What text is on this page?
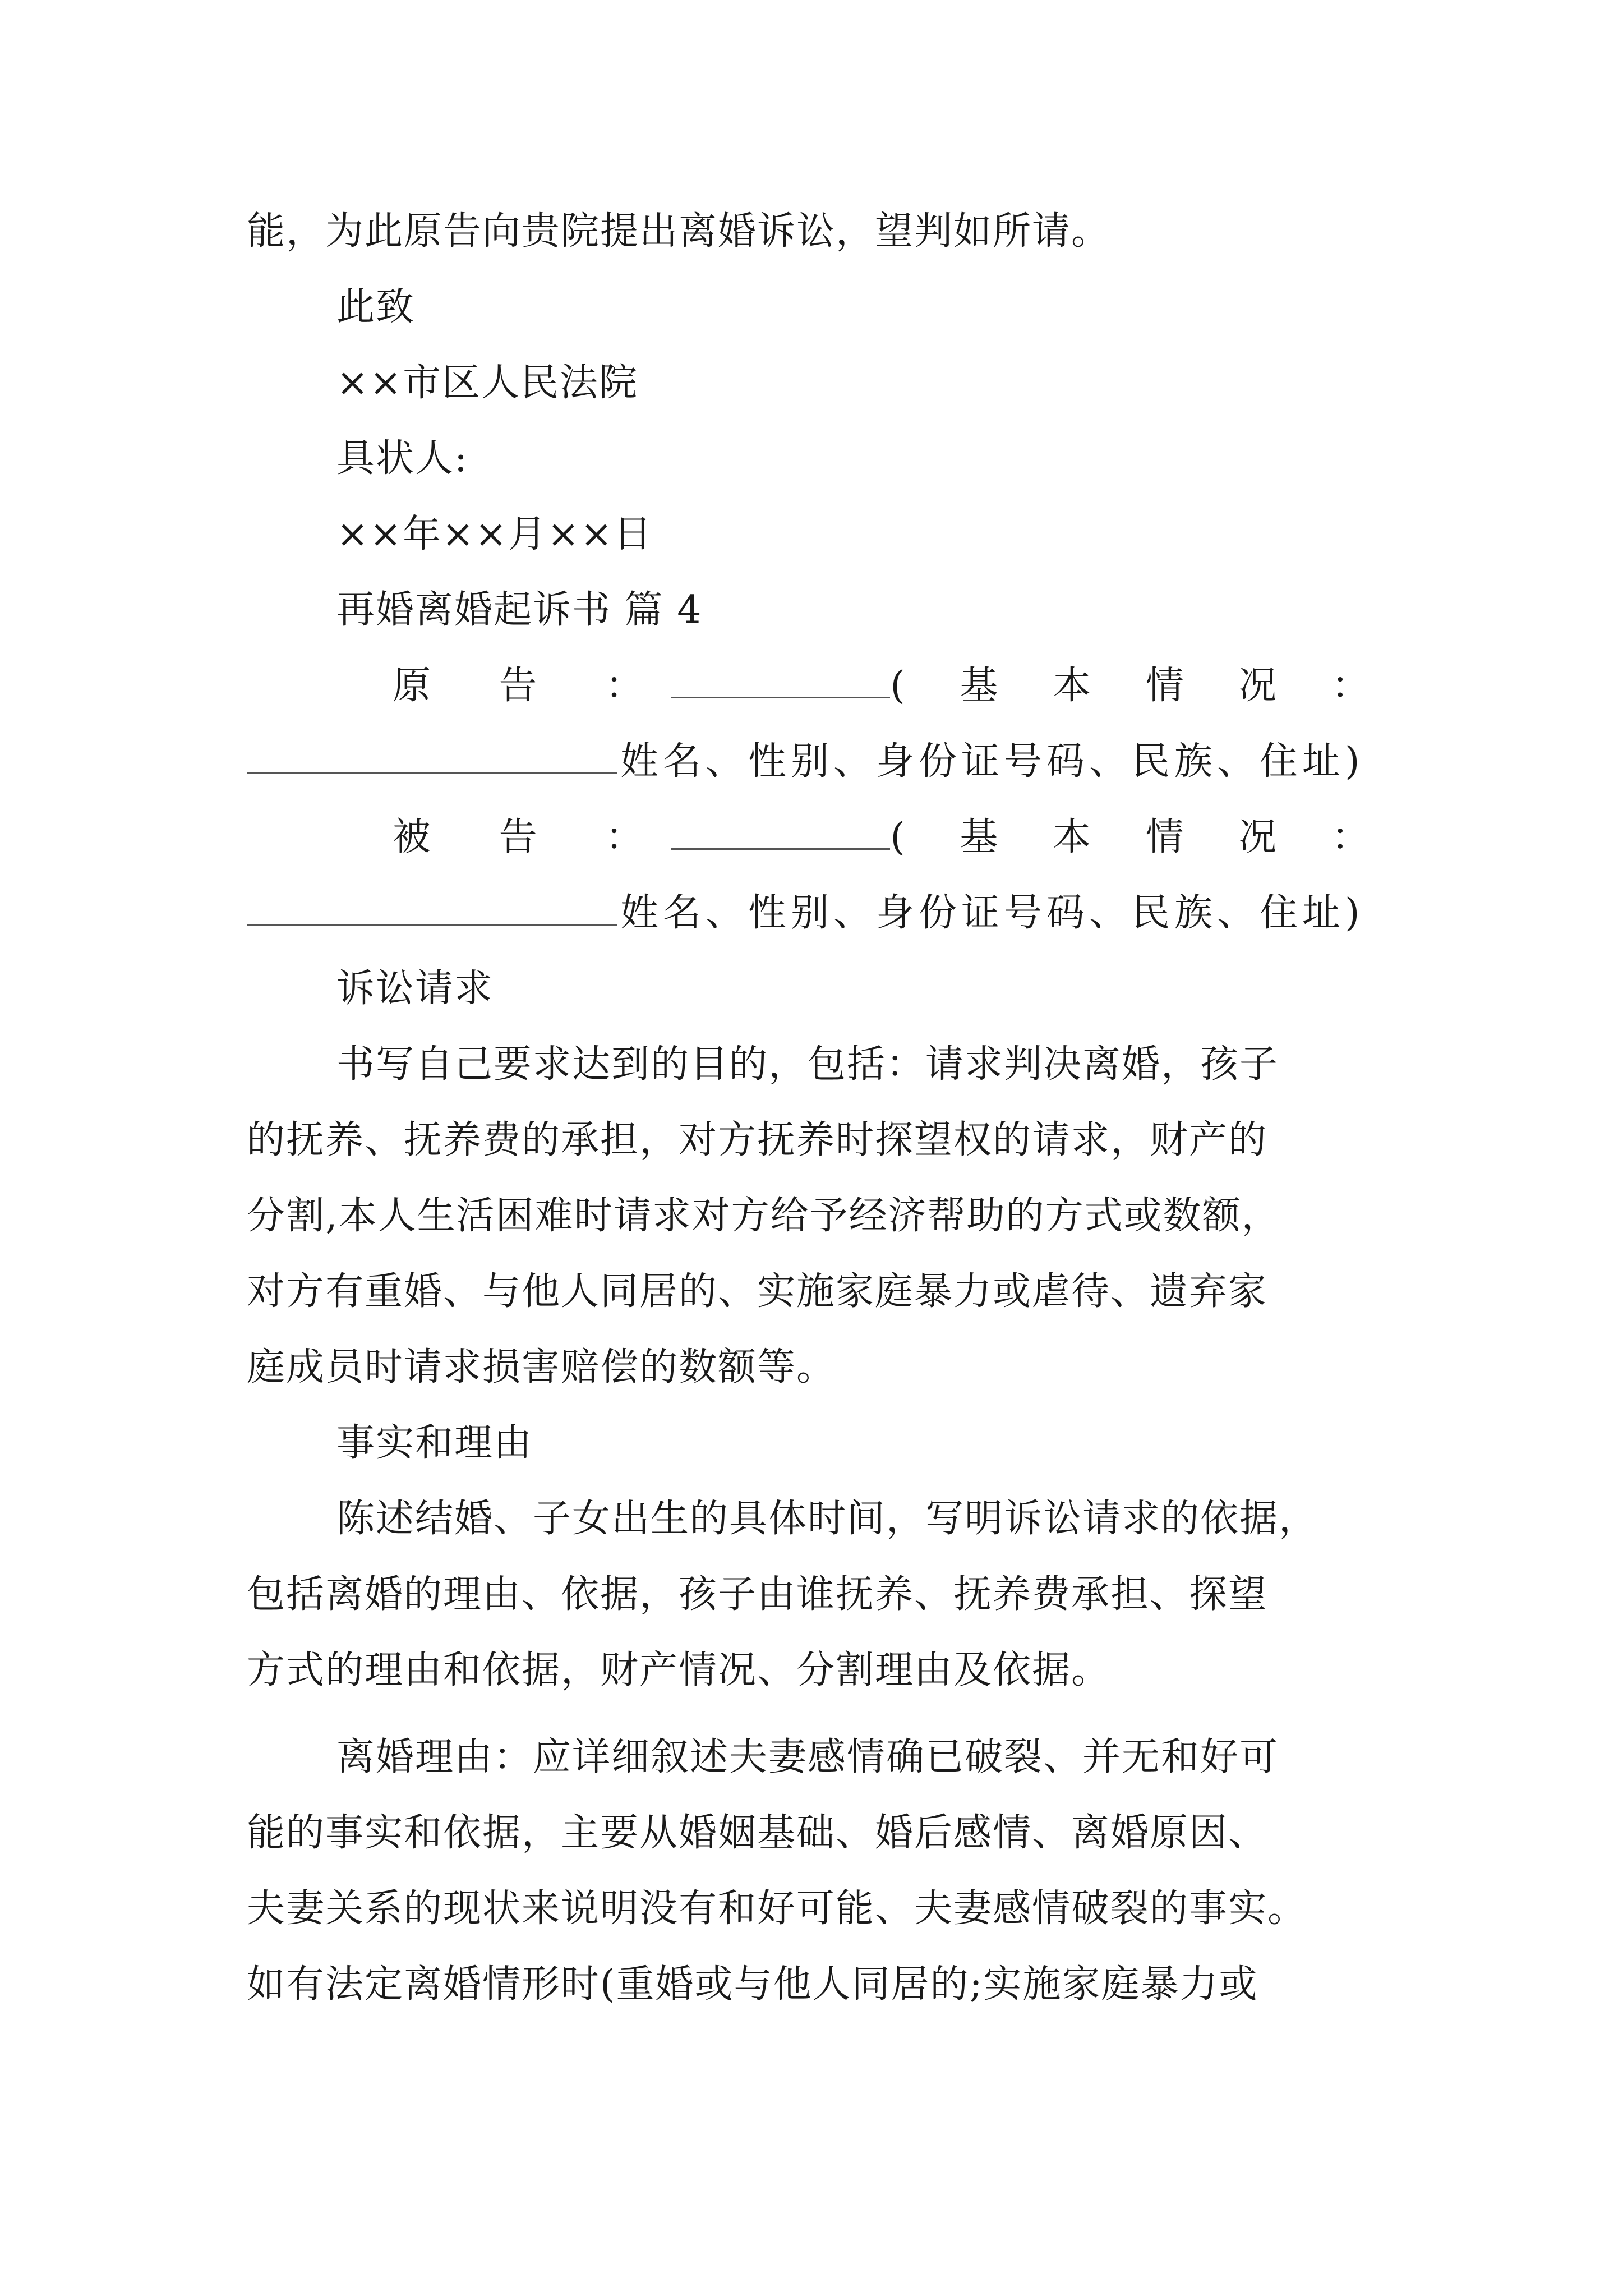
能，为此原告向贵院提出离婚诉讼，望判如所请。
此致
××市区人民法院
具状人:
××年××月××日
再婚离婚起诉书 篇 4
原 告 ：	( 基 本 情 况 ：
姓名、性别、身份证号码、民族、住址)
被 告 ：	( 基 本 情 况 ：
姓名、性别、身份证号码、民族、住址)
诉讼请求
书写自己要求达到的目的，包括：请求判决离婚，孩子
的抚养、抚养费的承担，对方抚养时探望权的请求，财产的
分割,本人生活困难时请求对方给予经济帮助的方式或数额，
对方有重婚、与他人同居的、实施家庭暴力或虐待、遗弃家
庭成员时请求损害赔偿的数额等。
事实和理由
陈述结婚、子女出生的具体时间，写明诉讼请求的依据，
包括离婚的理由、依据，孩子由谁抚养、抚养费承担、探望
方式的理由和依据，财产情况、分割理由及依据。
离婚理由：应详细叙述夫妻感情确已破裂、并无和好可
能的事实和依据，主要从婚姻基础、婚后感情、离婚原因、
夫妻关系的现状来说明没有和好可能、夫妻感情破裂的事实。
如有法定离婚情形时(重婚或与他人同居的;实施家庭暴力或
